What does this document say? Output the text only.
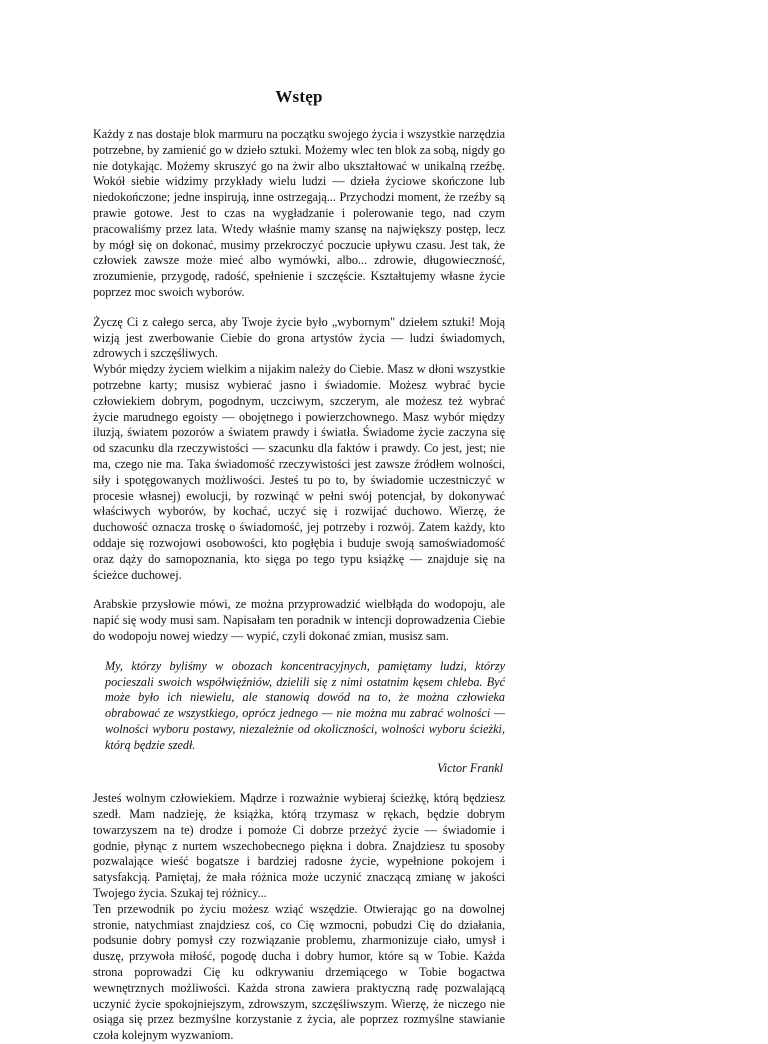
Wstęp

Każdy z nas dostaje blok marmuru na początku swojego życia i wszystkie narzędzia potrzebne, by zamienić go w dzieło sztuki. Możemy wlec ten blok za sobą, nigdy go nie dotykając. Możemy skruszyć go na żwir albo ukształtować w unikalną rzeźbę. Wokół siebie widzimy przykłady wielu ludzi — dzieła życiowe skończone lub niedokończone; jedne inspirują, inne ostrzegają... Przychodzi moment, że rzeźby są prawie gotowe. Jest to czas na wygładzanie i polerowanie tego, nad czym pracowaliśmy przez lata. Wtedy właśnie mamy szansę na największy postęp, lecz by mógł się on dokonać, musimy przekroczyć poczucie upływu czasu. Jest tak, że człowiek zawsze może mieć albo wymówki, albo... zdrowie, długowieczność, zrozumienie, przygodę, radość, spełnienie i szczęście. Kształtujemy własne życie poprzez moc swoich wyborów.

Życzę Ci z całego serca, aby Twoje życie było „wybornym" dziełem sztuki! Moją wizją jest zwerbowanie Ciebie do grona artystów życia — ludzi świadomych, zdrowych i szczęśliwych.

Wybór między życiem wielkim a nijakim należy do Ciebie. Masz w dłoni wszystkie potrzebne karty; musisz wybierać jasno i świadomie. Możesz wybrać bycie człowiekiem dobrym, pogodnym, uczciwym, szczerym, ale możesz też wybrać życie marudnego egoisty — obojętnego i powierzchownego. Masz wybór między iluzją, światem pozorów a światem prawdy i światła. Świadome życie zaczyna się od szacunku dla rzeczywistości — szacunku dla faktów i prawdy. Co jest, jest; nie ma, czego nie ma. Taka świadomość rzeczywistości jest zawsze źródłem wolności, siły i spotęgowanych możliwości. Jesteś tu po to, by świadomie uczestniczyć w procesie własnej) ewolucji, by rozwinąć w pełni swój potencjał, by dokonywać właściwych wyborów, by kochać, uczyć się i rozwijać duchowo. Wierzę, że duchowość oznacza troskę o świadomość, jej potrzeby i rozwój. Zatem każdy, kto oddaje się rozwojowi osobowości, kto pogłębia i buduje swoją samoświadomość oraz dąży do samopoznania, kto sięga po tego typu książkę — znajduje się na ścieżce duchowej.

Arabskie przysłowie mówi, ze można przyprowadzić wielbłąda do wodopoju, ale napić się wody musi sam. Napisałam ten poradnik w intencji doprowadzenia Ciebie do wodopoju nowej wiedzy — wypić, czyli dokonać zmian, musisz sam.

My, którzy byliśmy w obozach koncentracyjnych, pamiętamy ludzi, którzy pocieszali swoich współwięźniów, dzielili się z nimi ostatnim kęsem chleba. Być może było ich niewielu, ale stanowią dowód na to, że można człowieka obrabować ze wszystkiego, oprócz jednego — nie można mu zabrać wolności — wolności wyboru postawy, niezależnie od okoliczności, wolności wyboru ścieżki, którą będzie szedł.

Victor Frankl

Jesteś wolnym człowiekiem. Mądrze i rozważnie wybieraj ścieżkę, którą będziesz szedł. Mam nadzieję, że książka, którą trzymasz w rękach, będzie dobrym towarzyszem na te) drodze i pomoże Ci dobrze przeżyć życie — świadomie i godnie, płynąc z nurtem wszechobecnego piękna i dobra. Znajdziesz tu sposoby pozwalające wieść bogatsze i bardziej radosne życie, wypełnione pokojem i satysfakcją. Pamiętaj, że mała różnica może uczynić znaczącą zmianę w jakości Twojego życia. Szukaj tej różnicy...

Ten przewodnik po życiu możesz wziąć wszędzie. Otwierając go na dowolnej stronie, natychmiast znajdziesz coś, co Cię wzmocni, pobudzi Cię do działania, podsunie dobry pomysł czy rozwiązanie problemu, zharmonizuje ciało, umysł i duszę, przywoła miłość, pogodę ducha i dobry humor, które są w Tobie. Każda strona poprowadzi Cię ku odkrywaniu drzemiącego w Tobie bogactwa wewnętrznych możliwości. Każda strona zawiera praktyczną radę pozwalającą uczynić życie spokojniejszym, zdrowszym, szczęśliwszym. Wierzę, że niczego nie osiąga się przez bezmyślne korzystanie z życia, ale poprzez rozmyślne stawianie czoła kolejnym wyzwaniom.
